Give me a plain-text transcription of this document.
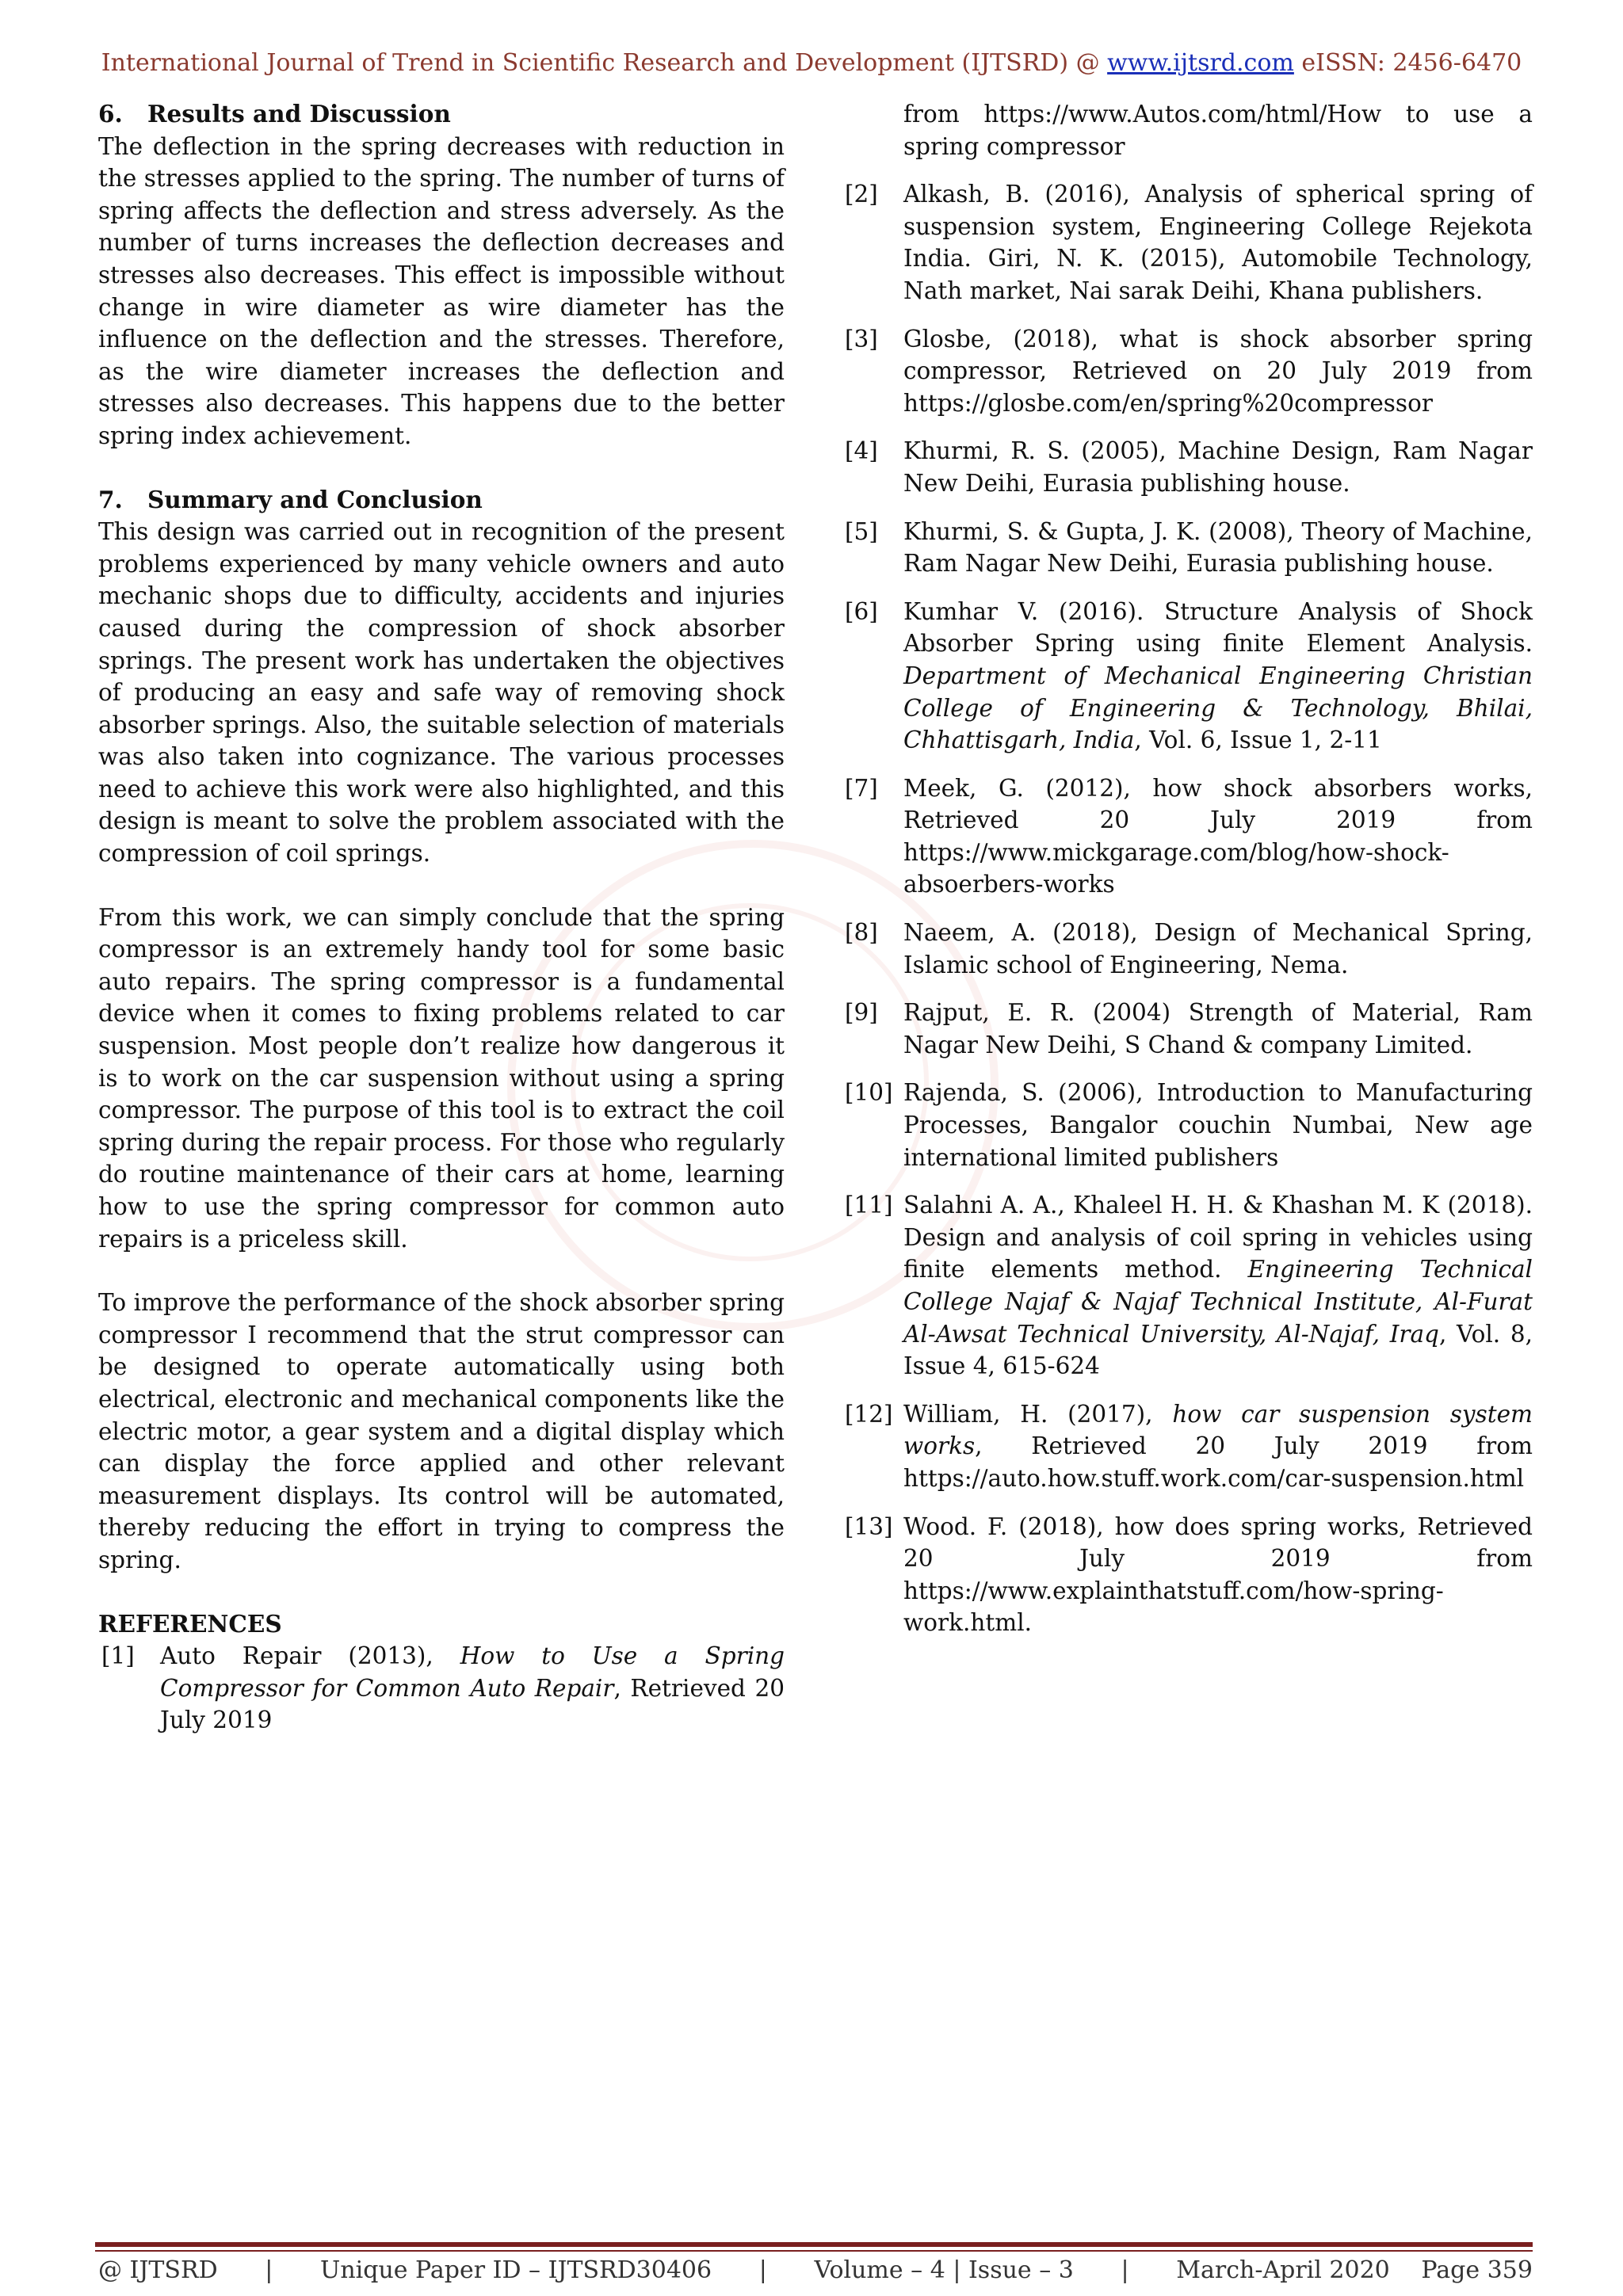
International Journal of Trend in Scientific Research and Development (IJTSRD) @ www.ijtsrd.com eISSN: 2456-6470
6. Results and Discussion

The deflection in the spring decreases with reduction in the stresses applied to the spring. The number of turns of spring affects the deflection and stress adversely. As the number of turns increases the deflection decreases and stresses also decreases. This effect is impossible without change in wire diameter as wire diameter has the influence on the deflection and the stresses. Therefore, as the wire diameter increases the deflection and stresses also decreases. This happens due to the better spring index achievement.

7. Summary and Conclusion

This design was carried out in recognition of the present problems experienced by many vehicle owners and auto mechanic shops due to difficulty, accidents and injuries caused during the compression of shock absorber springs. The present work has undertaken the objectives of producing an easy and safe way of removing shock absorber springs. Also, the suitable selection of materials was also taken into cognizance. The various processes need to achieve this work were also highlighted, and this design is meant to solve the problem associated with the compression of coil springs.

From this work, we can simply conclude that the spring compressor is an extremely handy tool for some basic auto repairs. The spring compressor is a fundamental device when it comes to fixing problems related to car suspension. Most people don’t realize how dangerous it is to work on the car suspension without using a spring compressor. The purpose of this tool is to extract the coil spring during the repair process. For those who regularly do routine maintenance of their cars at home, learning how to use the spring compressor for common auto repairs is a priceless skill.

To improve the performance of the shock absorber spring compressor I recommend that the strut compressor can be designed to operate automatically using both electrical, electronic and mechanical components like the electric motor, a gear system and a digital display which can display the force applied and other relevant measurement displays. Its control will be automated, thereby reducing the effort in trying to compress the spring.

REFERENCES
[1]	Auto Repair (2013), How to Use a Spring Compressor for Common Auto Repair, Retrieved 20 July 2019
from https://www.Autos.com/html/How to use a spring compressor
[2]	Alkash, B. (2016), Analysis of spherical spring of suspension system, Engineering College Rejekota India. Giri, N. K. (2015), Automobile Technology, Nath market, Nai sarak Deihi, Khana publishers.
[3]	Glosbe, (2018), what is shock absorber spring compressor, Retrieved on 20 July 2019 from https://glosbe.com/en/spring%20compressor
[4]	Khurmi, R. S. (2005), Machine Design, Ram Nagar New Deihi, Eurasia publishing house.
[5]	Khurmi, S. & Gupta, J. K. (2008), Theory of Machine, Ram Nagar New Deihi, Eurasia publishing house.
[6]	Kumhar V. (2016). Structure Analysis of Shock Absorber Spring using finite Element Analysis. Department of Mechanical Engineering Christian College of Engineering & Technology, Bhilai, Chhattisgarh, India, Vol. 6, Issue 1, 2-11
[7]	Meek, G. (2012), how shock absorbers works, Retrieved 20 July 2019 from https://www.mickgarage.com/blog/how-shock-absoerbers-works
[8]	Naeem, A. (2018), Design of Mechanical Spring, Islamic school of Engineering, Nema.
[9]	Rajput, E. R. (2004) Strength of Material, Ram Nagar New Deihi, S Chand & company Limited.
[10] Rajenda, S. (2006), Introduction to Manufacturing Processes, Bangalor couchin Numbai, New age international limited publishers
[11] Salahni A. A., Khaleel H. H. & Khashan M. K (2018). Design and analysis of coil spring in vehicles using finite elements method. Engineering Technical College Najaf & Najaf Technical Institute, Al-Furat Al-Awsat Technical University, Al-Najaf, Iraq, Vol. 8, Issue 4, 615-624
[12] William, H. (2017), how car suspension system works, Retrieved 20 July 2019 from https://auto.how.stuff.work.com/car-suspension.html
[13] Wood. F. (2018), how does spring works, Retrieved 20 July 2019 from https://www.explainthatstuff.com/how-spring-work.html.
@ IJTSRD	|	Unique Paper ID – IJTSRD30406	|	Volume – 4 | Issue – 3	|	March-April 2020 Page 359
